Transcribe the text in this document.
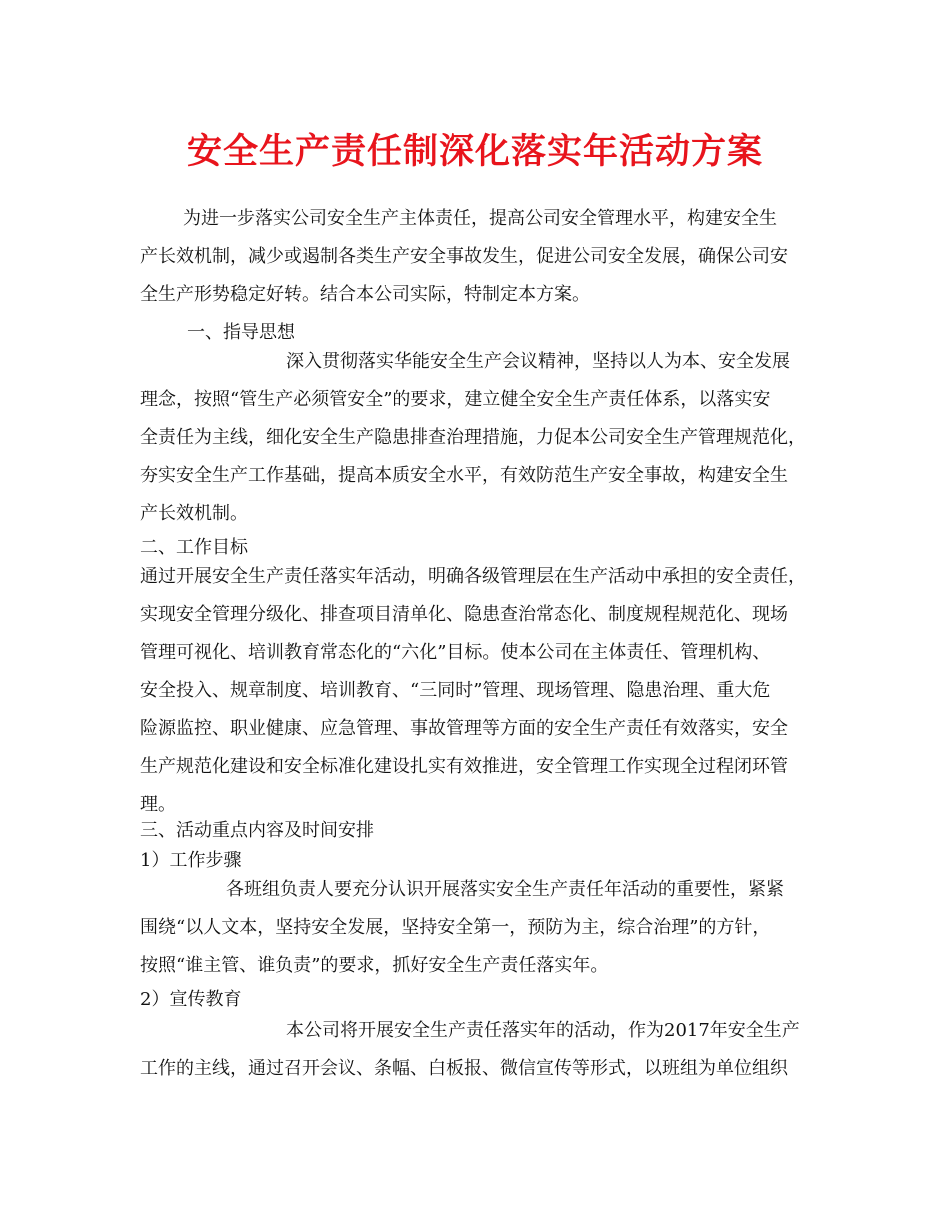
安全生产责任制深化落实年活动方案
为进一步落实公司安全生产主体责任，提高公司安全管理水平，构建安全生
产长效机制，减少或遏制各类生产安全事故发生，促进公司安全发展，确保公司安
全生产形势稳定好转。结合本公司实际，特制定本方案。
一、指导思想
深入贯彻落实华能安全生产会议精神，坚持以人为本、安全发展
理念，按照“管生产必须管安全”的要求，建立健全安全生产责任体系，以落实安
全责任为主线，细化安全生产隐患排查治理措施，力促本公司安全生产管理规范化，
夯实安全生产工作基础，提高本质安全水平，有效防范生产安全事故，构建安全生
产长效机制。
二、工作目标
通过开展安全生产责任落实年活动，明确各级管理层在生产活动中承担的安全责任，
实现安全管理分级化、排查项目清单化、隐患查治常态化、制度规程规范化、现场
管理可视化、培训教育常态化的“六化”目标。使本公司在主体责任、管理机构、
安全投入、规章制度、培训教育、“三同时”管理、现场管理、隐患治理、重大危
险源监控、职业健康、应急管理、事故管理等方面的安全生产责任有效落实，安全
生产规范化建设和安全标准化建设扎实有效推进，安全管理工作实现全过程闭环管
理。
三、活动重点内容及时间安排
1）工作步骤
各班组负责人要充分认识开展落实安全生产责任年活动的重要性，紧紧
围绕“以人文本，坚持安全发展，坚持安全第一，预防为主，综合治理”的方针，
按照“谁主管、谁负责”的要求，抓好安全生产责任落实年。
2）宣传教育
本公司将开展安全生产责任落实年的活动，作为2017年安全生产
工作的主线，通过召开会议、条幅、白板报、微信宣传等形式，以班组为单位组织
